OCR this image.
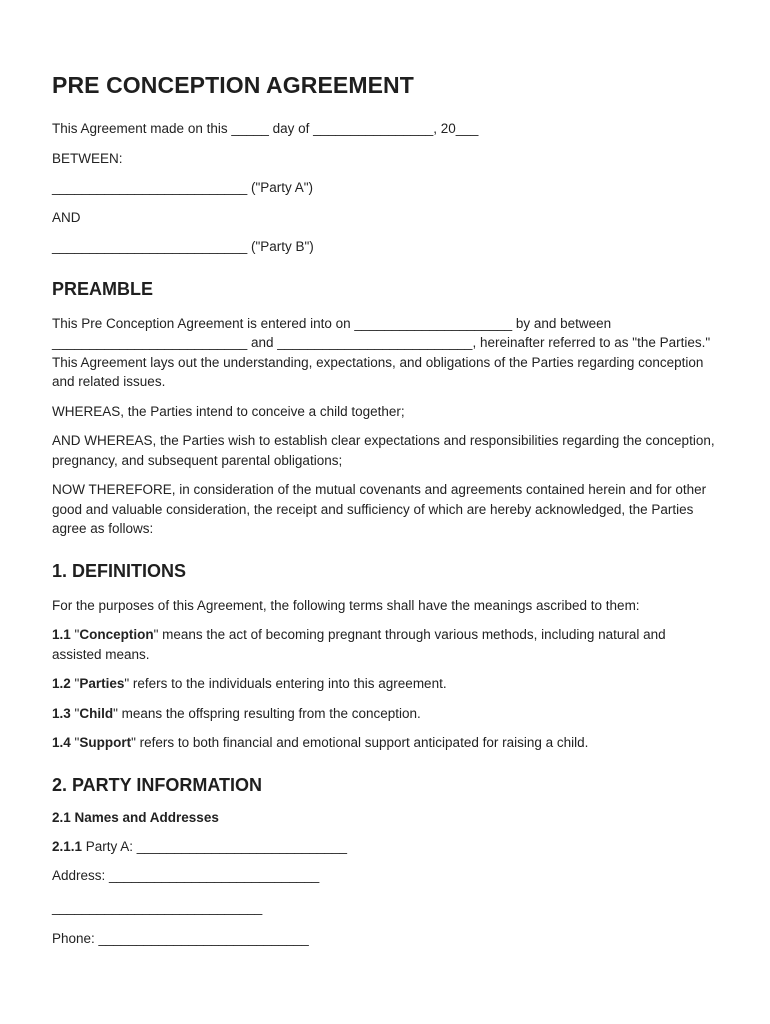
PRE CONCEPTION AGREEMENT

This Agreement made on this _____ day of ________________, 20___

BETWEEN:

__________________________ ("Party A")

AND

__________________________ ("Party B")

PREAMBLE

This Pre Conception Agreement is entered into on _____________________ by and between __________________________ and __________________________, hereinafter referred to as "the Parties." This Agreement lays out the understanding, expectations, and obligations of the Parties regarding conception and related issues.

WHEREAS, the Parties intend to conceive a child together;

AND WHEREAS, the Parties wish to establish clear expectations and responsibilities regarding the conception, pregnancy, and subsequent parental obligations;

NOW THEREFORE, in consideration of the mutual covenants and agreements contained herein and for other good and valuable consideration, the receipt and sufficiency of which are hereby acknowledged, the Parties agree as follows:

1. DEFINITIONS

For the purposes of this Agreement, the following terms shall have the meanings ascribed to them:

1.1 "Conception" means the act of becoming pregnant through various methods, including natural and assisted means.

1.2 "Parties" refers to the individuals entering into this agreement.

1.3 "Child" means the offspring resulting from the conception.

1.4 "Support" refers to both financial and emotional support anticipated for raising a child.

2. PARTY INFORMATION
2.1 Names and Addresses

2.1.1 Party A: ____________________________

Address: ____________________________

____________________________

Phone: ____________________________
